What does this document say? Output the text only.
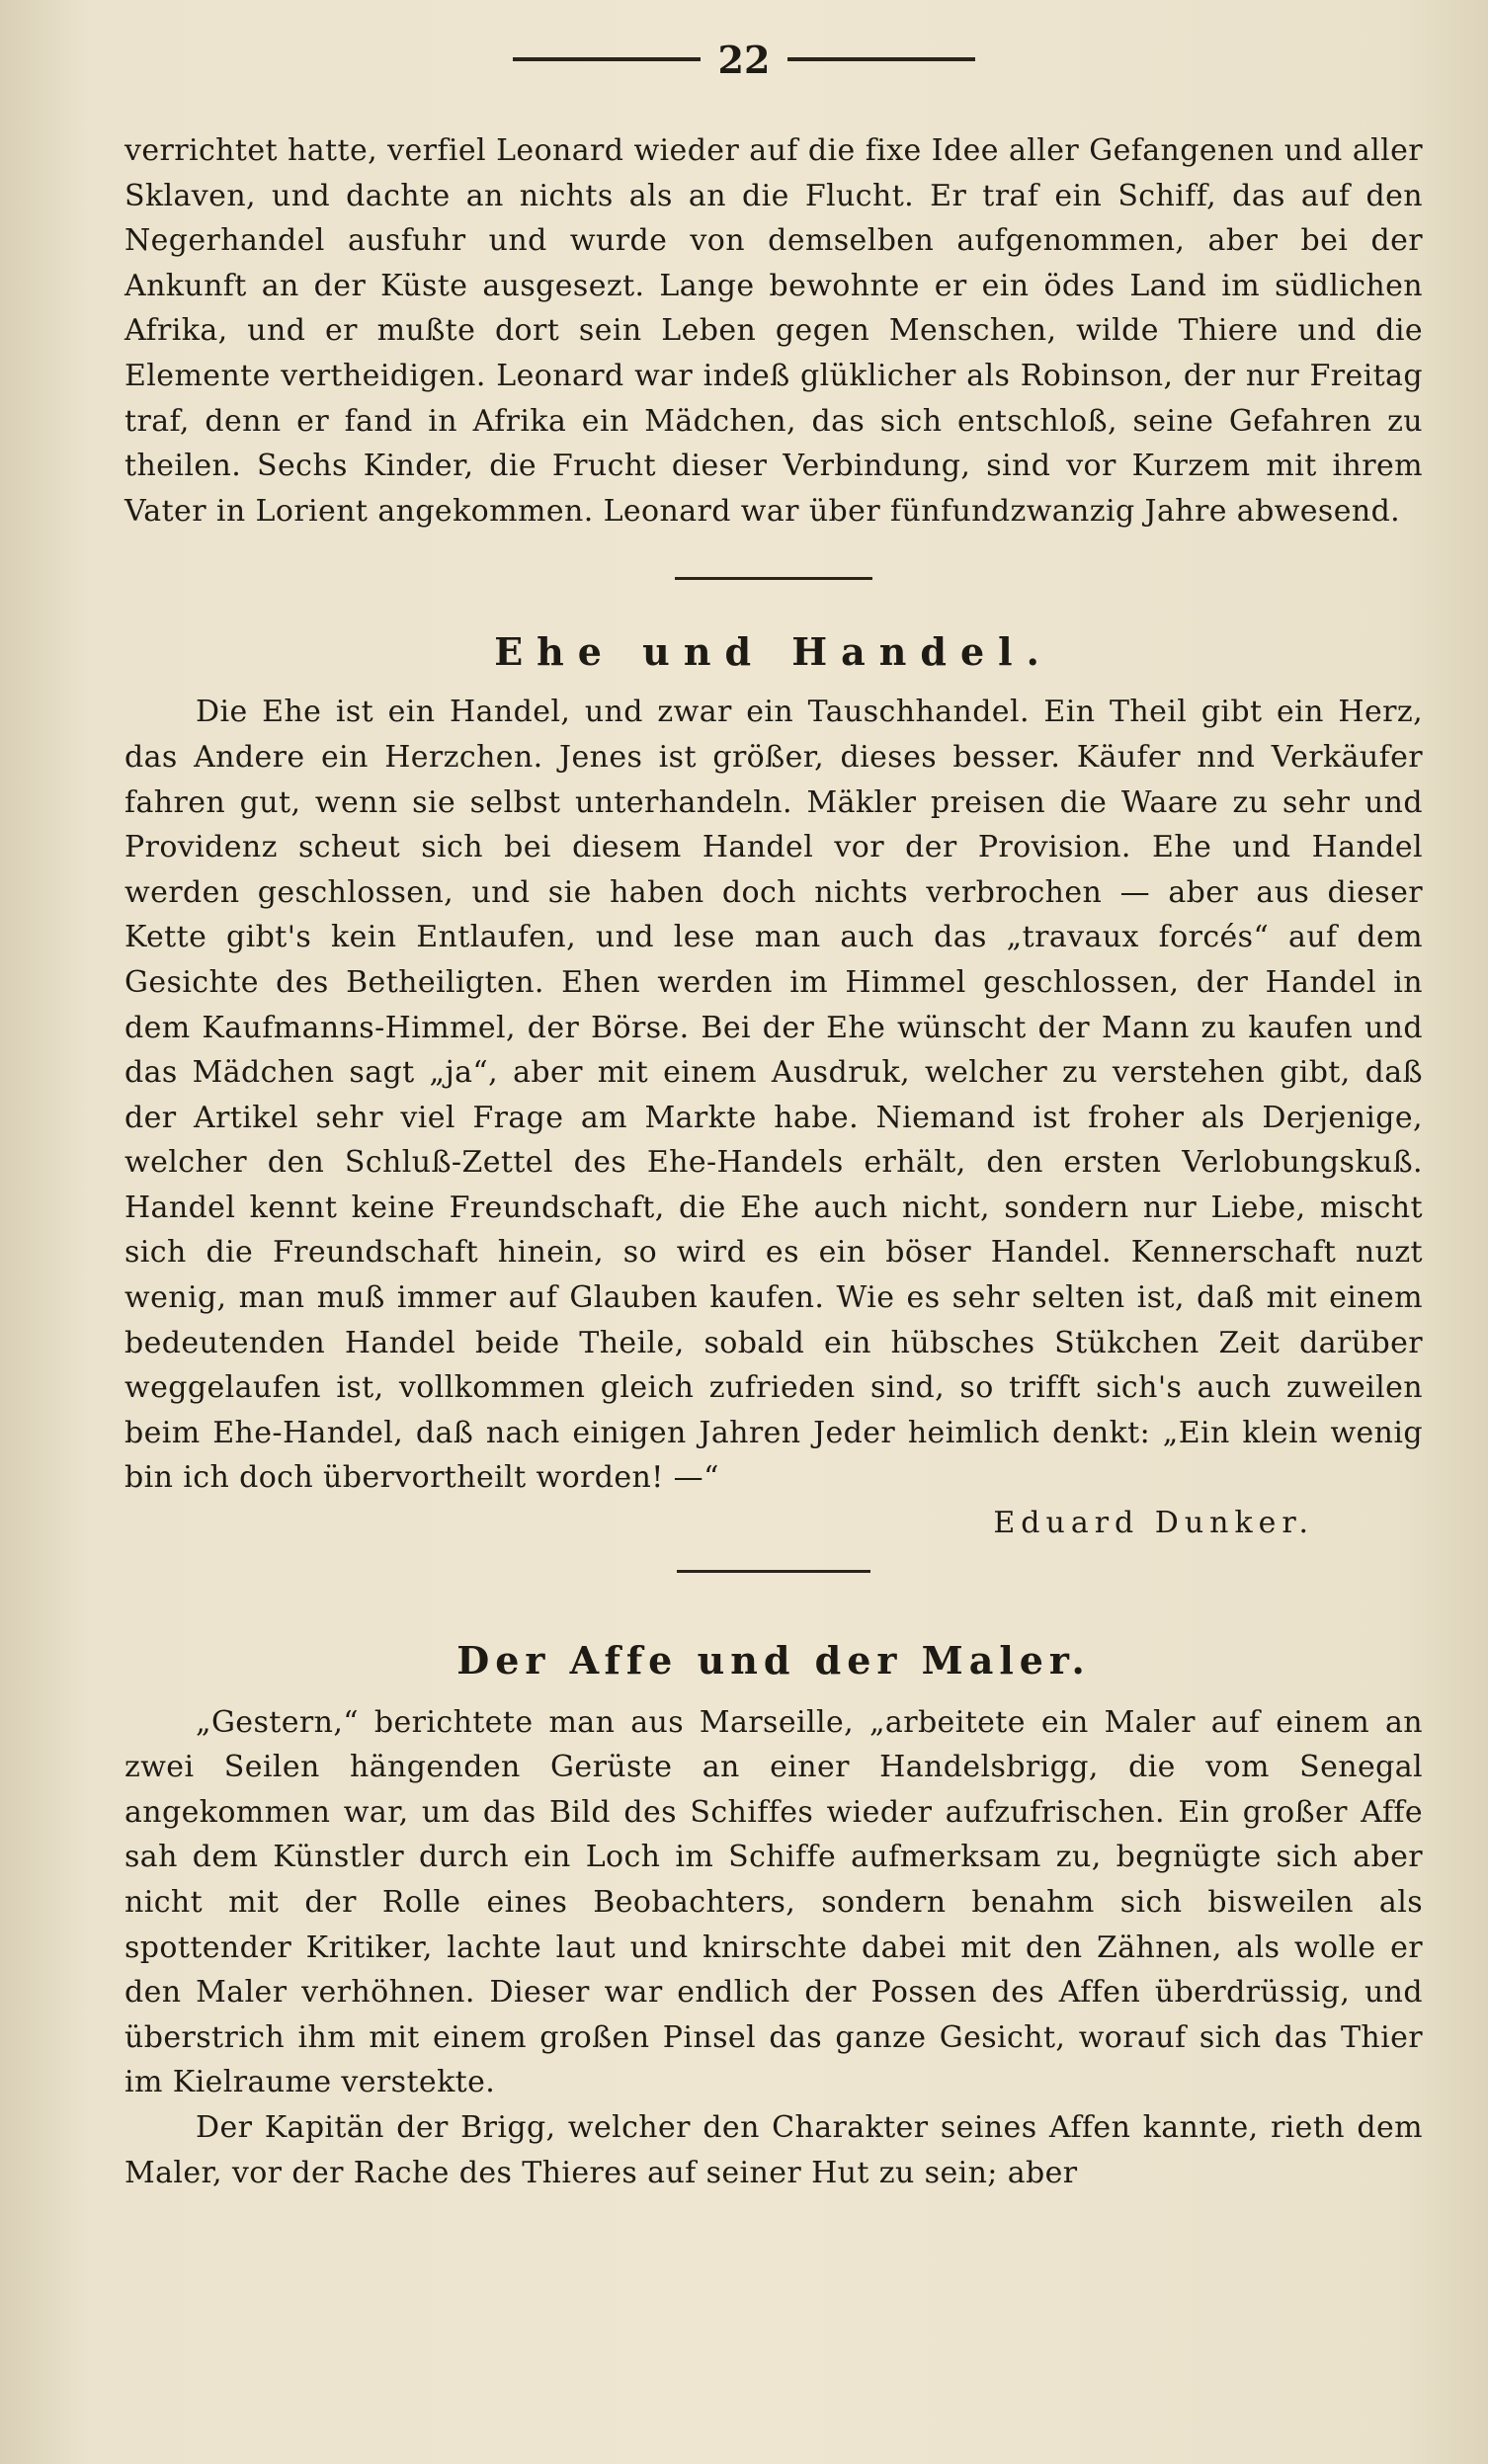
22

verrichtet hatte, verfiel Leonard wieder auf die fixe Idee aller Gefangenen und aller Sklaven, und dachte an nichts als an die Flucht. Er traf ein Schiff, das auf den Negerhandel ausfuhr und wurde von demselben aufgenommen, aber bei der Ankunft an der Küste ausgesezt. Lange bewohnte er ein ödes Land im südlichen Afrika, und er mußte dort sein Leben gegen Menschen, wilde Thiere und die Elemente vertheidigen. Leonard war indeß glüklicher als Robinson, der nur Freitag traf, denn er fand in Afrika ein Mädchen, das sich entschloß, seine Gefahren zu theilen. Sechs Kinder, die Frucht dieser Verbindung, sind vor Kurzem mit ihrem Vater in Lorient angekommen. Leonard war über fünfundzwanzig Jahre abwesend.

Ehe und Handel.

Die Ehe ist ein Handel, und zwar ein Tauschhandel. Ein Theil gibt ein Herz, das Andere ein Herzchen. Jenes ist größer, dieses besser. Käufer nnd Verkäufer fahren gut, wenn sie selbst unterhandeln. Mäkler preisen die Waare zu sehr und Providenz scheut sich bei diesem Handel vor der Provision. Ehe und Handel werden geschlossen, und sie haben doch nichts verbrochen — aber aus dieser Kette gibt's kein Entlaufen, und lese man auch das „travaux forcés“ auf dem Gesichte des Betheiligten. Ehen werden im Himmel geschlossen, der Handel in dem Kaufmanns-Himmel, der Börse. Bei der Ehe wünscht der Mann zu kaufen und das Mädchen sagt „ja“, aber mit einem Ausdruk, welcher zu verstehen gibt, daß der Artikel sehr viel Frage am Markte habe. Niemand ist froher als Derjenige, welcher den Schluß-Zettel des Ehe-Handels erhält, den ersten Verlobungskuß. Handel kennt keine Freundschaft, die Ehe auch nicht, sondern nur Liebe, mischt sich die Freundschaft hinein, so wird es ein böser Handel. Kennerschaft nuzt wenig, man muß immer auf Glauben kaufen. Wie es sehr selten ist, daß mit einem bedeutenden Handel beide Theile, sobald ein hübsches Stükchen Zeit darüber weggelaufen ist, vollkommen gleich zufrieden sind, so trifft sich's auch zuweilen beim Ehe-Handel, daß nach einigen Jahren Jeder heimlich denkt: „Ein klein wenig bin ich doch übervortheilt worden! —“

Eduard Dunker.
Der Affe und der Maler.

„Gestern,“ berichtete man aus Marseille, „arbeitete ein Maler auf einem an zwei Seilen hängenden Gerüste an einer Handelsbrigg, die vom Senegal angekommen war, um das Bild des Schiffes wieder aufzufrischen. Ein großer Affe sah dem Künstler durch ein Loch im Schiffe aufmerksam zu, begnügte sich aber nicht mit der Rolle eines Beobachters, sondern benahm sich bisweilen als spottender Kritiker, lachte laut und knirschte dabei mit den Zähnen, als wolle er den Maler verhöhnen. Dieser war endlich der Possen des Affen überdrüssig, und überstrich ihm mit einem großen Pinsel das ganze Gesicht, worauf sich das Thier im Kielraume verstekte.

Der Kapitän der Brigg, welcher den Charakter seines Affen kannte, rieth dem Maler, vor der Rache des Thieres auf seiner Hut zu sein; aber
